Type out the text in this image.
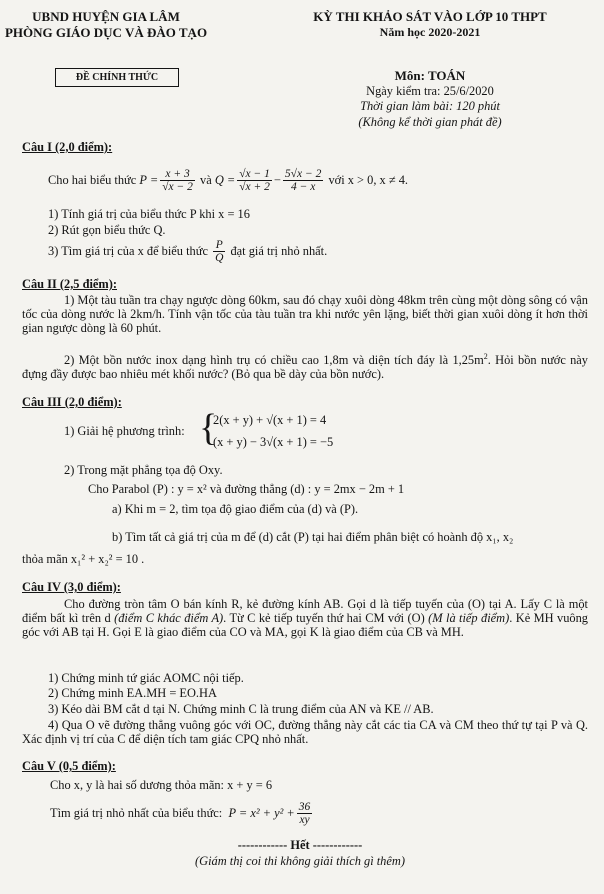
UBND HUYỆN GIA LÂM
PHÒNG GIÁO DỤC VÀ ĐÀO TẠO
ĐỀ CHÍNH THỨC
KỲ THI KHẢO SÁT VÀO LỚP 10 THPT
Năm học 2020-2021
Môn: TOÁN
Ngày kiểm tra: 25/6/2020
Thời gian làm bài: 120 phút
(Không kể thời gian phát đề)
Câu I (2,0 điểm):
Cho hai biểu thức
$P = \frac{x + 3}{√x - 2}$
và
$Q = \frac{√x - 1}{√x + 2} - \frac{5√x - 2}{4 - x}$
với x > 0, x ≠ 4.
1) Tính giá trị của biểu thức P khi x = 16
2) Rút gọn biểu thức Q.
3) Tìm giá trị của x để biểu thức
$\frac{P}{Q}$
đạt giá trị nhỏ nhất.
Câu II (2,5 điểm):
1) Một tàu tuần tra chạy ngược dòng 60km, sau đó chạy xuôi dòng 48km trên cùng một dòng sông có vận tốc của dòng nước là 2km/h. Tính vận tốc của tàu tuần tra khi nước yên lặng, biết thời gian xuôi dòng ít hơn thời gian ngược dòng là 60 phút.
2) Một bồn nước inox dạng hình trụ có chiều cao 1,8m và diện tích đáy là $1,25m^2$. Hỏi bồn nước này đựng đầy được bao nhiêu mét khối nước? (Bỏ qua bề dày của bồn nước).
Câu III (2,0 điểm):
1) Giải hệ phương trình: {
2(x + y) + √(x + 1) = 4
(x + y) − 3√(x + 1) = −5
2) Trong mặt phẳng tọa độ Oxy.
Cho Parabol (P) : y = x² và đường thẳng (d) : y = 2mx − 2m + 1
a) Khi m = 2, tìm tọa độ giao điểm của (d) và (P).
b) Tìm tất cả giá trị của m để (d) cắt (P) tại hai điểm phân biệt có hoành độ x₁, x₂
thỏa mãn x₁² + x₂² = 10 .
Câu IV (3,0 điểm):
Cho đường tròn tâm O bán kính R, kẻ đường kính AB. Gọi d là tiếp tuyến của (O) tại A. Lấy C là một điểm bất kì trên d (điểm C khác điểm A). Từ C kẻ tiếp tuyến thứ hai CM với (O) (M là tiếp điểm). Kẻ MH vuông góc với AB tại H. Gọi E là giao điểm của CO và MA, gọi K là giao điểm của CB và MH.
1) Chứng minh tứ giác AOMC nội tiếp.
2) Chứng minh EA.MH = EO.HA
3) Kéo dài BM cắt d tại N. Chứng minh C là trung điểm của AN và KE // AB.
4) Qua O vẽ đường thẳng vuông góc với OC, đường thẳng này cắt các tia CA và CM theo thứ tự tại P và Q. Xác định vị trí của C để diện tích tam giác CPQ nhỏ nhất.
Câu V (0,5 điểm):
Cho x, y là hai số dương thỏa mãn: x + y = 6
Tìm giá trị nhỏ nhất của biểu thức:
$P = x^2 + y^2 + \frac{36}{xy}$
------------ Hết ------------
(Giám thị coi thi không giải thích gì thêm)
